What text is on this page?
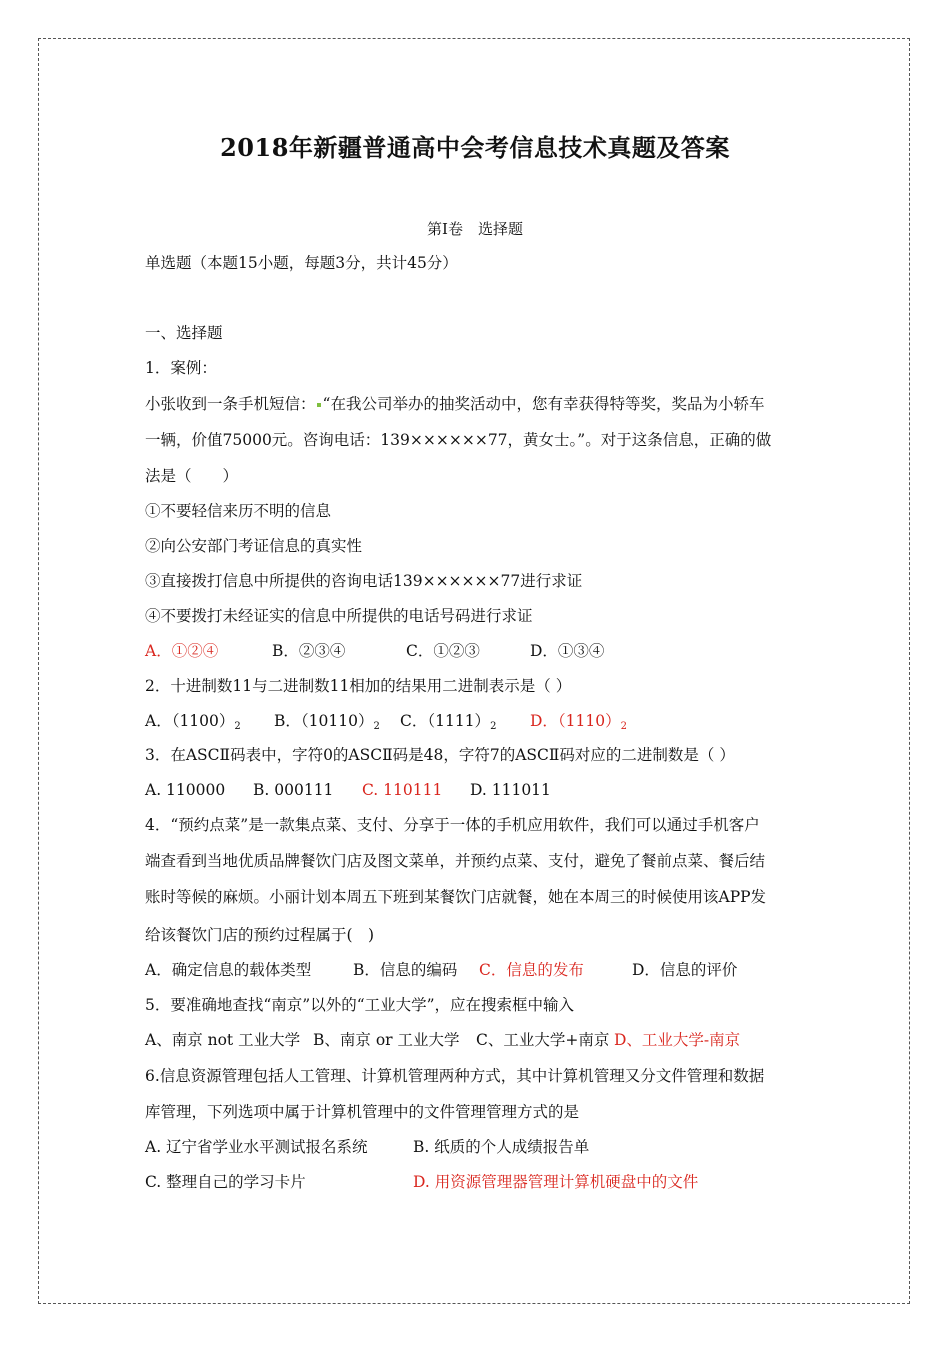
2018年新疆普通高中会考信息技术真题及答案
第Ⅰ卷　选择题
单选题（本题15小题，每题3分，共计45分）
一、选择题
1．案例：
小张收到一条手机短信： “在我公司举办的抽奖活动中，您有幸获得特等奖，奖品为小轿车
一辆，价值75000元。咨询电话：139××××××77，黄女士。”。对于这条信息，正确的做
法是（　　）
①不要轻信来历不明的信息
②向公安部门考证信息的真实性
③直接拨打信息中所提供的咨询电话139××××××77进行求证
④不要拨打未经证实的信息中所提供的电话号码进行求证
A．①②④	B．②③④	C．①②③	D．①③④
2．十进制数11与二进制数11相加的结果用二进制表示是（ ）
A．$(1100)_2$ B．$(10110)_2$ C．$(1111)_2$ D．$(1110)_2$
3．在ASCⅡ码表中，字符0的ASCⅡ码是48，字符7的ASCⅡ码对应的二进制数是（ ）
A. 110000 B. 000111 C. 110111 D. 111011
4．“预约点菜”是一款集点菜、支付、分享于一体的手机应用软件，我们可以通过手机客户
端查看到当地优质品牌餐饮门店及图文菜单，并预约点菜、支付，避免了餐前点菜、餐后结
账时等候的麻烦。小丽计划本周五下班到某餐饮门店就餐，她在本周三的时候使用该APP发
给该餐饮门店的预约过程属于(　)
A．确定信息的载体类型	B．信息的编码 C．信息的发布	D．信息的评价
5．要准确地查找“南京”以外的“工业大学”，应在搜索框中输入
A、南京 not 工业大学 B、南京 or 工业大学 C、工业大学+南京 D、工业大学-南京
6.信息资源管理包括人工管理、计算机管理两种方式，其中计算机管理又分文件管理和数据
库管理，下列选项中属于计算机管理中的文件管理管理方式的是
A. 辽宁省学业水平测试报名系统	B. 纸质的个人成绩报告单
C. 整理自己的学习卡片	D. 用资源管理器管理计算机硬盘中的文件
